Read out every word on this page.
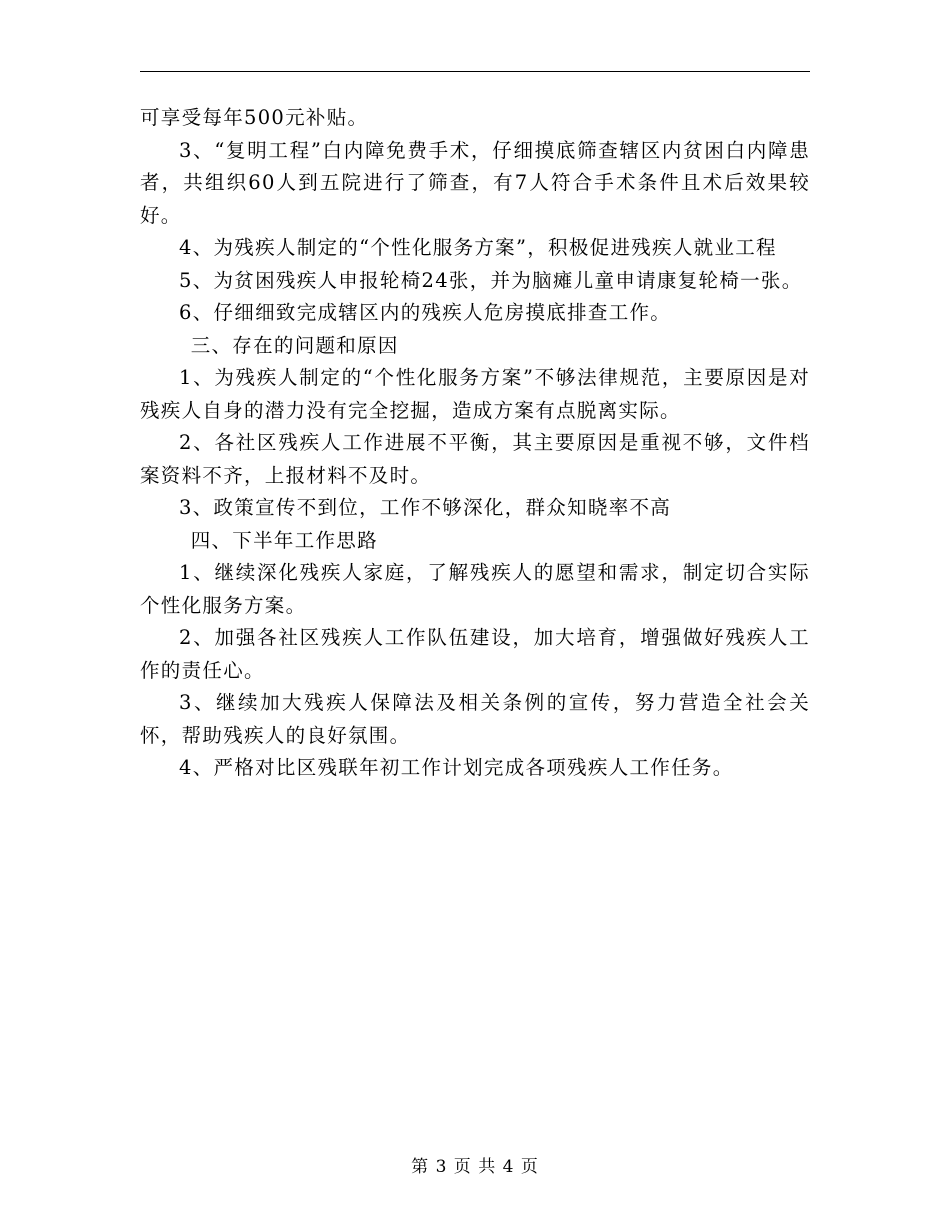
可享受每年500元补贴。

3、“复明工程”白内障免费手术，仔细摸底筛查辖区内贫困白内障患者，共组织60人到五院进行了筛查，有7人符合手术条件且术后效果较好。

4、为残疾人制定的“个性化服务方案”，积极促进残疾人就业工程

5、为贫困残疾人申报轮椅24张，并为脑瘫儿童申请康复轮椅一张。

6、仔细细致完成辖区内的残疾人危房摸底排查工作。

三、存在的问题和原因

1、为残疾人制定的“个性化服务方案”不够法律规范，主要原因是对残疾人自身的潜力没有完全挖掘，造成方案有点脱离实际。

2、各社区残疾人工作进展不平衡，其主要原因是重视不够，文件档案资料不齐，上报材料不及时。

3、政策宣传不到位，工作不够深化，群众知晓率不高

四、下半年工作思路

1、继续深化残疾人家庭，了解残疾人的愿望和需求，制定切合实际个性化服务方案。

2、加强各社区残疾人工作队伍建设，加大培育，增强做好残疾人工作的责任心。

3、继续加大残疾人保障法及相关条例的宣传，努力营造全社会关怀，帮助残疾人的良好氛围。

4、严格对比区残联年初工作计划完成各项残疾人工作任务。

第 3 页 共 4 页
